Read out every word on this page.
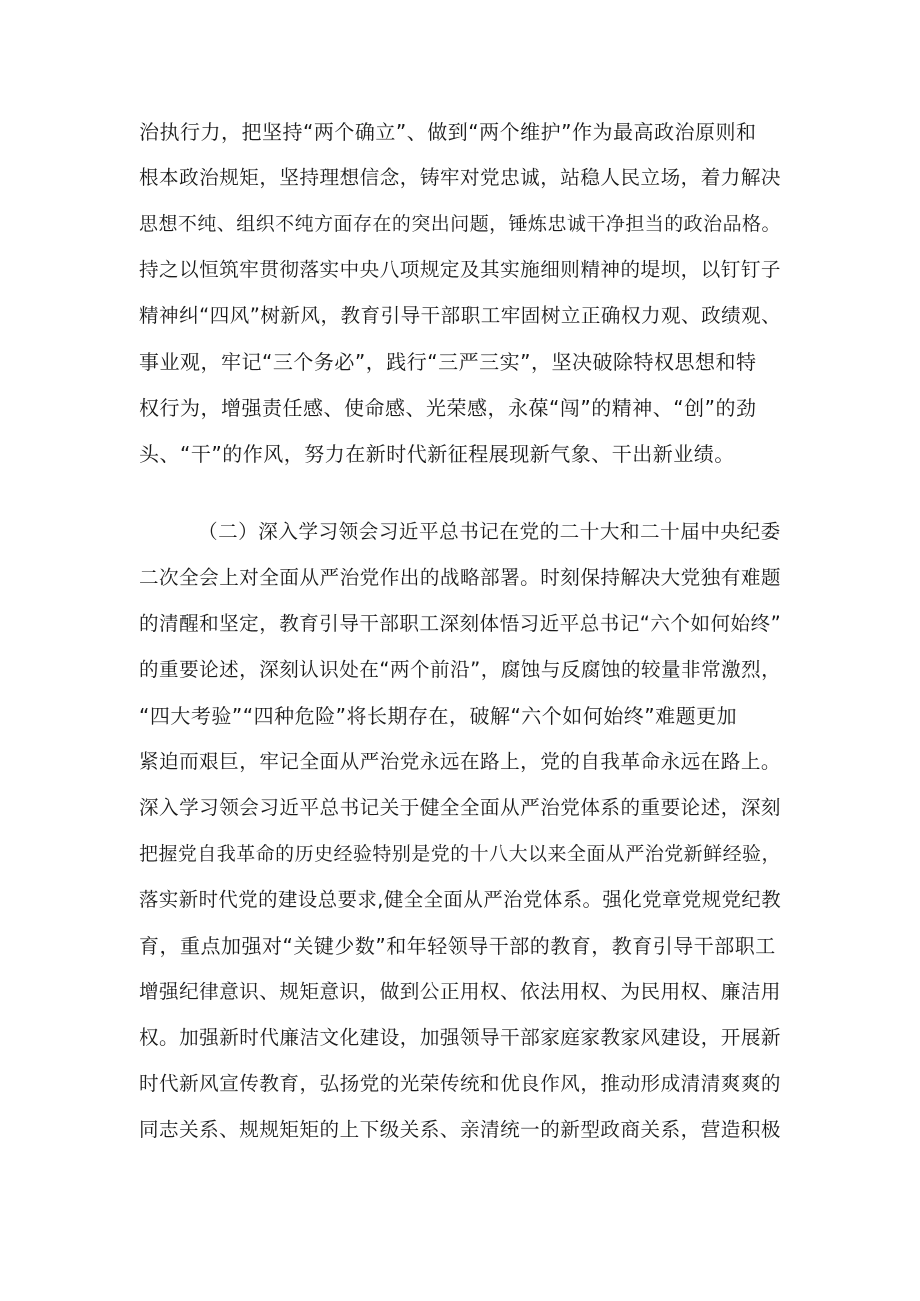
治执行力，把坚持“两个确立”、做到“两个维护”作为最高政治原则和
根本政治规矩，坚持理想信念，铸牢对党忠诚，站稳人民立场，着力解决
思想不纯、组织不纯方面存在的突出问题，锤炼忠诚干净担当的政治品格。
持之以恒筑牢贯彻落实中央八项规定及其实施细则精神的堤坝，以钉钉子
精神纠“四风”树新风，教育引导干部职工牢固树立正确权力观、政绩观、
事业观，牢记“三个务必”，践行“三严三实”，坚决破除特权思想和特
权行为，增强责任感、使命感、光荣感，永葆“闯”的精神、“创”的劲
头、“干”的作风，努力在新时代新征程展现新气象、干出新业绩。
（二）深入学习领会习近平总书记在党的二十大和二十届中央纪委
二次全会上对全面从严治党作出的战略部署。时刻保持解决大党独有难题
的清醒和坚定，教育引导干部职工深刻体悟习近平总书记“六个如何始终”
的重要论述，深刻认识处在“两个前沿”，腐蚀与反腐蚀的较量非常激烈，
“四大考验”“四种危险”将长期存在，破解“六个如何始终”难题更加
紧迫而艰巨，牢记全面从严治党永远在路上，党的自我革命永远在路上。
深入学习领会习近平总书记关于健全全面从严治党体系的重要论述，深刻
把握党自我革命的历史经验特别是党的十八大以来全面从严治党新鲜经验，
落实新时代党的建设总要求,健全全面从严治党体系。强化党章党规党纪教
育，重点加强对“关键少数”和年轻领导干部的教育，教育引导干部职工
增强纪律意识、规矩意识，做到公正用权、依法用权、为民用权、廉洁用
权。加强新时代廉洁文化建设，加强领导干部家庭家教家风建设，开展新
时代新风宣传教育，弘扬党的光荣传统和优良作风，推动形成清清爽爽的
同志关系、规规矩矩的上下级关系、亲清统一的新型政商关系，营造积极
